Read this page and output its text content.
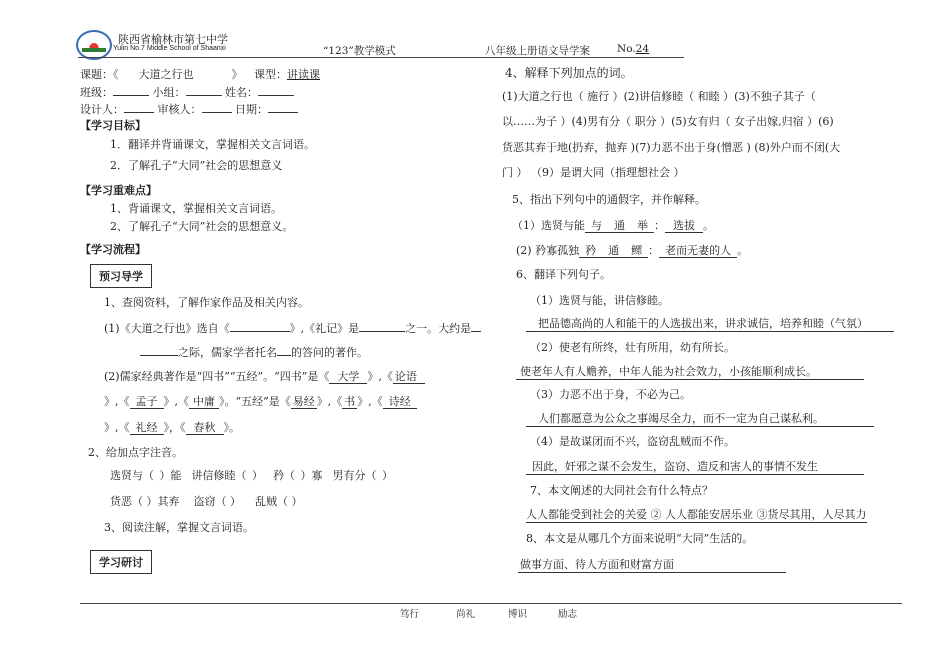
陕西省榆林市第七中学
Yulin No.7 Middle School of Shaanxi	“123”教学模式	八年级上册语文导学案	No.24
课题：《 大道之行也	》 课型：讲读课
班级：	小组：	姓名：
设计人：	审核人：	日期：
【学习目标】
1．翻译并背诵课文，掌握相关文言词语。
2．了解孔子“大同”社会的思想意义
【学习重难点】
1、背诵课文，掌握相关文言词语。
2、了解孔子“大同”社会的思想意义。
【学习流程】
预习导学
1、查阅资料，了解作家作品及相关内容。
(1)《大道之行也》选自《	》,《礼记》是	之一。大约是
之际，儒家学者托名 的答问的著作。
(2)儒家经典著作是“四书”“五经”。“四书”是《 大学 》,《 论语
》,《 孟子 》,《 中庸 》。“五经”是《 易经 》,《 书 》,《 诗经
》,《 礼经 》，《 春秋 》。
2、给加点字注音。
选贤与（ ）能 讲信修睦（ ） 矜（ ）寡 男有分（ ）
货恶（ ）其弃 盗窃（ ） 乱贼（ ）
3、阅读注解，掌握文言词语。
学习研讨
4、解释下列加点的词。
(1)大道之行也（ 施行 ）(2)讲信修睦（ 和睦 ）(3)不独子其子（
以……为子 ）(4)男有分（ 职分 ）(5)女有归（ 女子出嫁,归宿 ）(6)
货恶其弃于地(扔弃，抛弃 )(7)力恶不出于身(憎恶 ) (8)外户而不闭(大
门 ） （9）是谓大同（指理想社会 ）
5、指出下列句中的通假字，并作解释。
（1）选贤与能 与 通 举 ： 选拔 。
(2) 矜寡孤独 矜 通 鳏 ： 老而无妻的人 。
6、翻译下列句子。
（1）选贤与能，讲信修睦。
把品德高尚的人和能干的人选拔出来，讲求诚信，培养和睦（气氛）
（2）使老有所终，壮有所用，幼有所长。
使老年人有人赡养，中年人能为社会效力，小孩能顺利成长。
（3）力恶不出于身，不必为己。
人们都愿意为公众之事竭尽全力，而不一定为自己谋私利。
（4）是故谋闭而不兴，盗窃乱贼而不作。
因此，奸邪之谋不会发生，盗窃、造反和害人的事情不发生
7、本文阐述的大同社会有什么特点？
人人都能受到社会的关爱 ② 人人都能安居乐业 ③货尽其用，人尽其力
8、本文是从哪几个方面来说明“大同”生活的。
做事方面、待人方面和财富方面
笃行	尚礼	博识	励志
